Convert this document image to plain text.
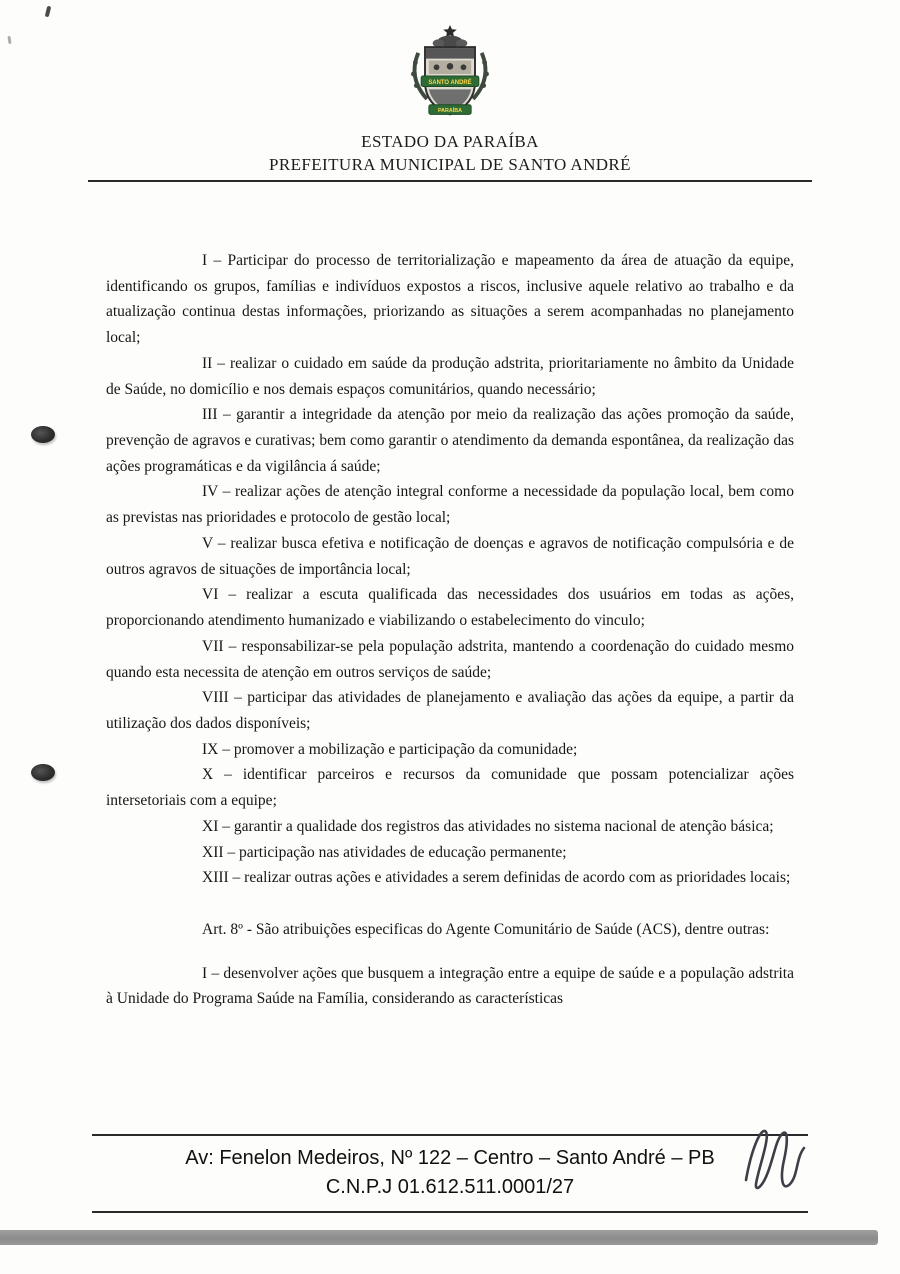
SANTO ANDRÉ
PARAÍBA
ESTADO DA PARAÍBA
PREFEITURA MUNICIPAL DE SANTO ANDRÉ

I – Participar do processo de territorialização e mapeamento da área de atuação da equipe, identificando os grupos, famílias e indivíduos expostos a riscos, inclusive aquele relativo ao trabalho e da atualização continua destas informações, priorizando as situações a serem acompanhadas no planejamento local;

II – realizar o cuidado em saúde da produção adstrita, prioritariamente no âmbito da Unidade de Saúde, no domicílio e nos demais espaços comunitários, quando necessário;

III – garantir a integridade da atenção por meio da realização das ações promoção da saúde, prevenção de agravos e curativas; bem como garantir o atendimento da demanda espontânea, da realização das ações programáticas e da vigilância á saúde;

IV – realizar ações de atenção integral conforme a necessidade da população local, bem como as previstas nas prioridades e protocolo de gestão local;

V – realizar busca efetiva e notificação de doenças e agravos de notificação compulsória e de outros agravos de situações de importância local;

VI – realizar a escuta qualificada das necessidades dos usuários em todas as ações, proporcionando atendimento humanizado e viabilizando o estabelecimento do vinculo;

VII – responsabilizar-se pela população adstrita, mantendo a coordenação do cuidado mesmo quando esta necessita de atenção em outros serviços de saúde;

VIII – participar das atividades de planejamento e avaliação das ações da equipe, a partir da utilização dos dados disponíveis;

IX – promover a mobilização e participação da comunidade;

X – identificar parceiros e recursos da comunidade que possam potencializar ações intersetoriais com a equipe;

XI – garantir a qualidade dos registros das atividades no sistema nacional de atenção básica;

XII – participação nas atividades de educação permanente;

XIII – realizar outras ações e atividades a serem definidas de acordo com as prioridades locais;

Art. 8º - São atribuições especificas do Agente Comunitário de Saúde (ACS), dentre outras:

I – desenvolver ações que busquem a integração entre a equipe de saúde e a população adstrita à Unidade do Programa Saúde na Família, considerando as características

Av: Fenelon Medeiros, Nº 122 – Centro – Santo André – PB
C.N.P.J 01.612.511.0001/27
